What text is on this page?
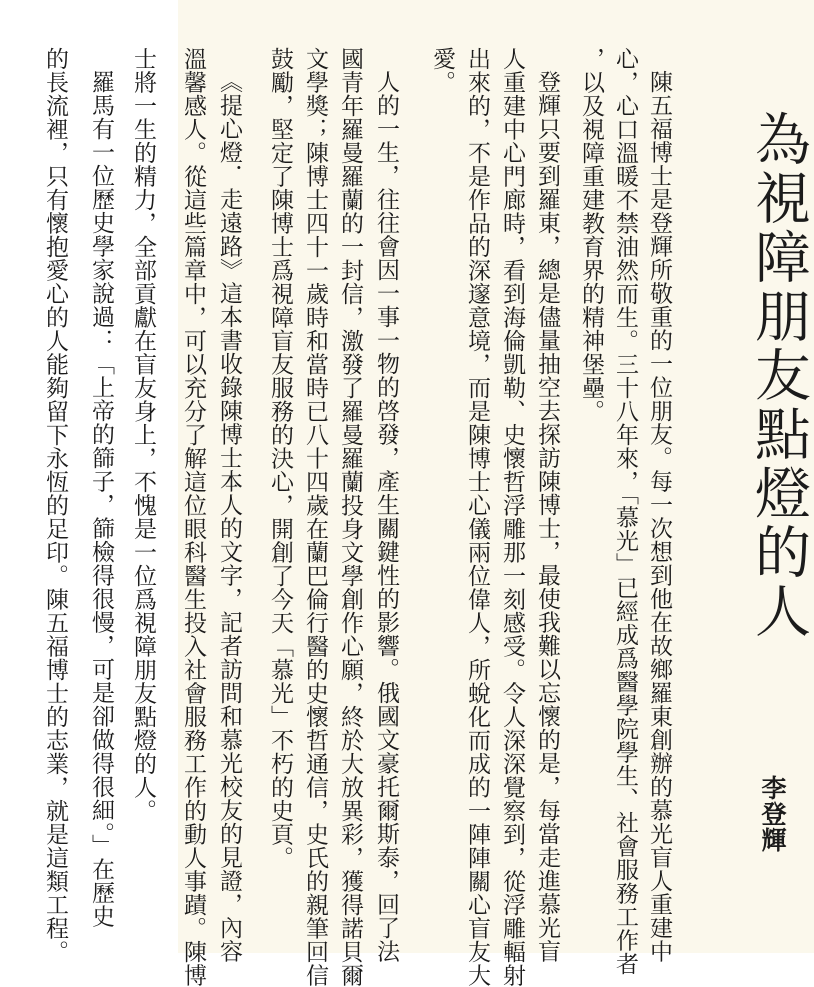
為視障朋友點燈的人
李登輝
陳五福博士是登輝所敬重的一位朋友。每一次想到他在故鄉羅東創辦的慕光盲人重建中
心，心口溫暖不禁油然而生。三十八年來，「慕光」已經成爲醫學院學生、社會服務工作者
，以及視障重建教育界的精神堡壘。
登輝只要到羅東，總是儘量抽空去探訪陳博士，最使我難以忘懷的是，每當走進慕光盲
人重建中心門廊時，看到海倫凱勒、史懷哲浮雕那一刻感受。令人深深覺察到，從浮雕輻射
出來的，不是作品的深邃意境，而是陳博士心儀兩位偉人，所蛻化而成的一陣陣關心盲友大
愛。
人的一生，往往會因一事一物的啓發，產生關鍵性的影響。俄國文豪托爾斯泰，回了法
國青年羅曼羅蘭的一封信，激發了羅曼羅蘭投身文學創作心願，終於大放異彩，獲得諾貝爾
文學獎；陳博士四十一歲時和當時已八十四歲在蘭巴倫行醫的史懷哲通信，史氏的親筆回信
鼓勵，堅定了陳博士爲視障盲友服務的決心，開創了今天「慕光」不朽的史頁。
《提心燈．走遠路》這本書收錄陳博士本人的文字，記者訪問和慕光校友的見證，內容
溫馨感人。從這些篇章中，可以充分了解這位眼科醫生投入社會服務工作的動人事蹟。陳博
士將一生的精力，全部貢獻在盲友身上，不愧是一位爲視障朋友點燈的人。
羅馬有一位歷史學家說過：「上帝的篩子，篩檢得很慢，可是卻做得很細。」在歷史
的長流裡，只有懷抱愛心的人能夠留下永恆的足印。陳五福博士的志業，就是這類工程。
